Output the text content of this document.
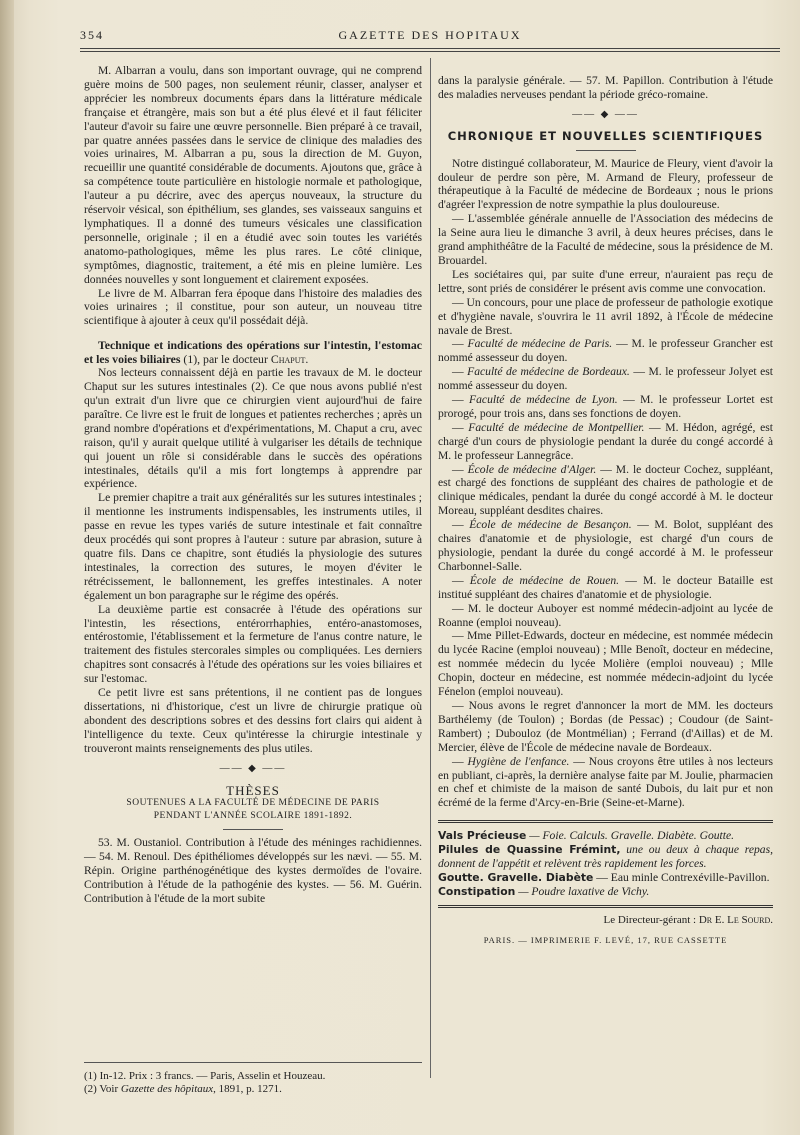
354	GAZETTE DES HOPITAUX

M. Albarran a voulu, dans son important ouvrage, qui ne comprend guère moins de 500 pages, non seulement réunir, classer, analyser et apprécier les nombreux documents épars dans la littérature médicale française et étrangère, mais son but a été plus élevé et il faut féliciter l'auteur d'avoir su faire une œuvre personnelle. Bien préparé à ce travail, par quatre années passées dans le service de clinique des maladies des voies urinaires, M. Albarran a pu, sous la direction de M. Guyon, recueillir une quantité considérable de documents. Ajoutons que, grâce à sa compétence toute particulière en histologie normale et pathologique, l'auteur a pu décrire, avec des aperçus nouveaux, la structure du réservoir vésical, son épithélium, ses glandes, ses vaisseaux sanguins et lymphatiques. Il a donné des tumeurs vésicales une classification personnelle, originale ; il en a étudié avec soin toutes les variétés anatomo-pathologiques, même les plus rares. Le côté clinique, symptômes, diagnostic, traitement, a été mis en pleine lumière. Les données nouvelles y sont longuement et clairement exposées.

Le livre de M. Albarran fera époque dans l'histoire des maladies des voies urinaires ; il constitue, pour son auteur, un nouveau titre scientifique à ajouter à ceux qu'il possédait déjà.

Technique et indications des opérations sur l'intestin, l'estomac et les voies biliaires (1), par le docteur Chaput.

Nos lecteurs connaissent déjà en partie les travaux de M. le docteur Chaput sur les sutures intestinales (2). Ce que nous avons publié n'est qu'un extrait d'un livre que ce chirurgien vient aujourd'hui de faire paraître. Ce livre est le fruit de longues et patientes recherches ; après un grand nombre d'opérations et d'expérimentations, M. Chaput a cru, avec raison, qu'il y aurait quelque utilité à vulgariser les détails de technique qui jouent un rôle si considérable dans le succès des opérations intestinales, détails qu'il a mis fort longtemps à apprendre par expérience.

Le premier chapitre a trait aux généralités sur les sutures intestinales ; il mentionne les instruments indispensables, les instruments utiles, il passe en revue les types variés de suture intestinale et fait connaître deux procédés qui sont propres à l'auteur : suture par abrasion, suture à quatre fils. Dans ce chapitre, sont étudiés la physiologie des sutures intestinales, la correction des sutures, le moyen d'éviter le rétrécissement, le ballonnement, les greffes intestinales. A noter également un bon paragraphe sur le régime des opérés.

La deuxième partie est consacrée à l'étude des opérations sur l'intestin, les résections, entérorrhaphies, entéro-anastomoses, entérostomie, l'établissement et la fermeture de l'anus contre nature, le traitement des fistules stercorales simples ou compliquées. Les derniers chapitres sont consacrés à l'étude des opérations sur les voies biliaires et sur l'estomac.

Ce petit livre est sans prétentions, il ne contient pas de longues dissertations, ni d'historique, c'est un livre de chirurgie pratique où abondent des descriptions sobres et des dessins fort clairs qui aident à l'intelligence du texte. Ceux qu'intéresse la chirurgie intestinale y trouveront maints renseignements des plus utiles.

—— ◆ ——

THÈSES

SOUTENUES A LA FACULTÉ DE MÉDECINE DE PARIS

PENDANT L'ANNÉE SCOLAIRE 1891-1892.

53. M. Oustaniol. Contribution à l'étude des méninges rachidiennes. — 54. M. Renoul. Des épithéliomes développés sur les nævi. — 55. M. Répin. Origine parthénogénétique des kystes dermoïdes de l'ovaire. Contribution à l'étude de la pathogénie des kystes. — 56. M. Guérin. Contribution à l'étude de la mort subite

(1) In-12. Prix : 3 francs. — Paris, Asselin et Houzeau.
(2) Voir Gazette des hôpitaux, 1891, p. 1271.

dans la paralysie générale. — 57. M. Papillon. Contribution à l'étude des maladies nerveuses pendant la période gréco-romaine.

—— ◆ ——

CHRONIQUE ET NOUVELLES SCIENTIFIQUES

Notre distingué collaborateur, M. Maurice de Fleury, vient d'avoir la douleur de perdre son père, M. Armand de Fleury, professeur de thérapeutique à la Faculté de médecine de Bordeaux ; nous le prions d'agréer l'expression de notre sympathie la plus douloureuse.

— L'assemblée générale annuelle de l'Association des médecins de la Seine aura lieu le dimanche 3 avril, à deux heures précises, dans le grand amphithéâtre de la Faculté de médecine, sous la présidence de M. Brouardel.

Les sociétaires qui, par suite d'une erreur, n'auraient pas reçu de lettre, sont priés de considérer le présent avis comme une convocation.

— Un concours, pour une place de professeur de pathologie exotique et d'hygiène navale, s'ouvrira le 11 avril 1892, à l'École de médecine navale de Brest.

— Faculté de médecine de Paris. — M. le professeur Grancher est nommé assesseur du doyen.

— Faculté de médecine de Bordeaux. — M. le professeur Jolyet est nommé assesseur du doyen.

— Faculté de médecine de Lyon. — M. le professeur Lortet est prorogé, pour trois ans, dans ses fonctions de doyen.

— Faculté de médecine de Montpellier. — M. Hédon, agrégé, est chargé d'un cours de physiologie pendant la durée du congé accordé à M. le professeur Lannegrâce.

— École de médecine d'Alger. — M. le docteur Cochez, suppléant, est chargé des fonctions de suppléant des chaires de pathologie et de clinique médicales, pendant la durée du congé accordé à M. le docteur Moreau, suppléant desdites chaires.

— École de médecine de Besançon. — M. Bolot, suppléant des chaires d'anatomie et de physiologie, est chargé d'un cours de physiologie, pendant la durée du congé accordé à M. le professeur Charbonnel-Salle.

— École de médecine de Rouen. — M. le docteur Bataille est institué suppléant des chaires d'anatomie et de physiologie.

— M. le docteur Auboyer est nommé médecin-adjoint au lycée de Roanne (emploi nouveau).

— Mme Pillet-Edwards, docteur en médecine, est nommée médecin du lycée Racine (emploi nouveau) ; Mlle Benoît, docteur en médecine, est nommée médecin du lycée Molière (emploi nouveau) ; Mlle Chopin, docteur en médecine, est nommée médecin-adjoint du lycée Fénelon (emploi nouveau).

— Nous avons le regret d'annoncer la mort de MM. les docteurs Barthélemy (de Toulon) ; Bordas (de Pessac) ; Coudour (de Saint-Rambert) ; Dubouloz (de Montmélian) ; Ferrand (d'Aillas) et de M. Mercier, élève de l'École de médecine navale de Bordeaux.

— Hygiène de l'enfance. — Nous croyons être utiles à nos lecteurs en publiant, ci-après, la dernière analyse faite par M. Joulie, pharmacien en chef et chimiste de la maison de santé Dubois, du lait pur et non écrémé de la ferme d'Arcy-en-Brie (Seine-et-Marne).

Vals Précieuse — Foie. Calculs. Gravelle. Diabète. Goutte.

Pilules de Quassine Frémint, une ou deux à chaque repas, donnent de l'appétit et relèvent très rapidement les forces.

Goutte. Gravelle. Diabète — Eau minle Contrexéville-Pavillon.

Constipation — Poudre laxative de Vichy.

Le Directeur-gérant : Dr E. Le Sourd.

PARIS. — IMPRIMERIE F. LEVÉ, 17, RUE CASSETTE
